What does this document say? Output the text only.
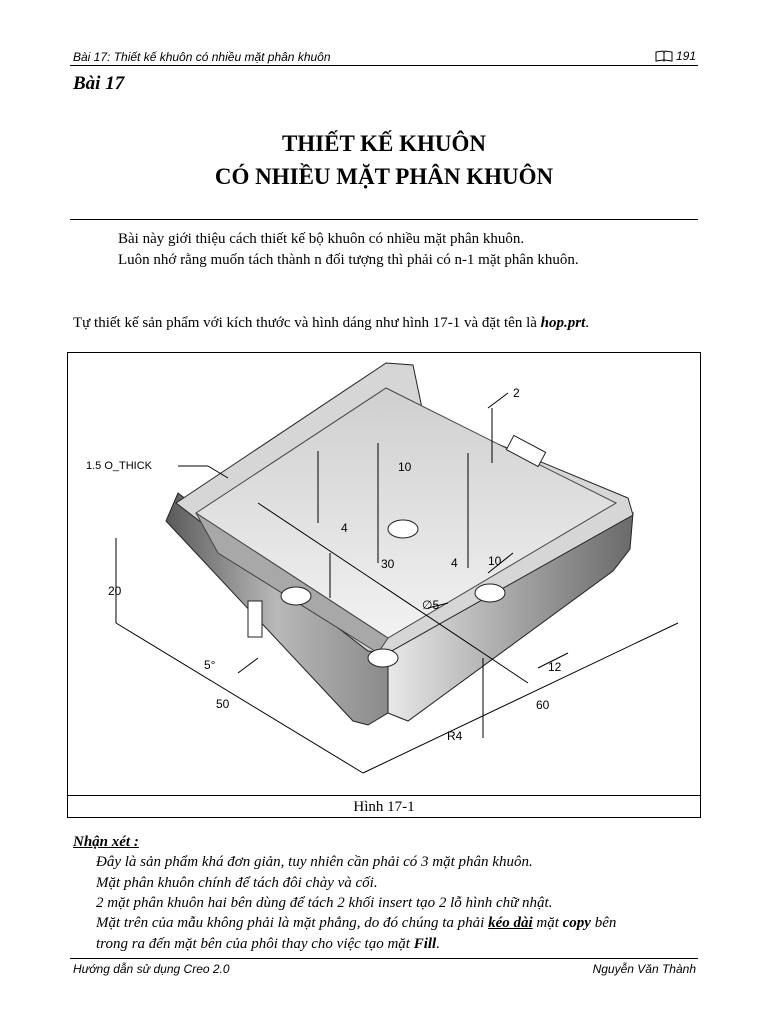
Bài 17: Thiết kế khuôn có nhiều mặt phân khuôn	191
Bài 17
THIẾT KẾ KHUÔN
CÓ NHIỀU MẶT PHÂN KHUÔN
Bài này giới thiệu cách thiết kế bộ khuôn có nhiều mặt phân khuôn.
Luôn nhớ rằng muốn tách thành n đối tượng thì phải có n-1 mặt phân khuôn.
Tự thiết kế sản phẩm với kích thước và hình dáng như hình 17-1 và đặt tên là hop.prt.
1.5 O_THICK
2
10
4
30	4	10
20
∅5
5°	12
50	60
R4
Hình 17-1
Nhận xét :
Đây là sản phẩm khá đơn giản, tuy nhiên cần phải có 3 mặt phân khuôn.
Mặt phân khuôn chính để tách đôi chày và cối.
2 mặt phân khuôn hai bên dùng để tách 2 khối insert tạo 2 lỗ hình chữ nhật.
Mặt trên của mẫu không phải là mặt phẳng, do đó chúng ta phải kéo dài mặt copy bên
trong ra đến mặt bên của phôi thay cho việc tạo mặt Fill.
Hướng dẫn sử dụng Creo 2.0	Nguyễn Văn Thành
